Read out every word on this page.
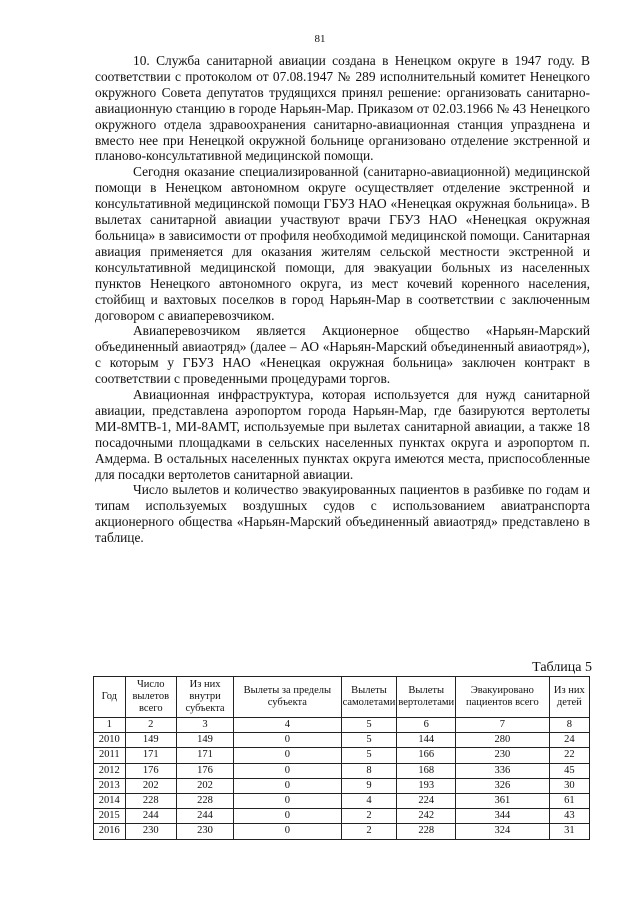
81

10. Служба санитарной авиации создана в Ненецком округе в 1947 году. В соответствии с протоколом от 07.08.1947 № 289 исполнительный комитет Ненецкого окружного Совета депутатов трудящихся принял решение: организовать санитарно-авиационную станцию в городе Нарьян-Мар. Приказом от 02.03.1966 № 43 Ненецкого окружного отдела здравоохранения санитарно-авиационная станция упразднена и вместо нее при Ненецкой окружной больнице организовано отделение экстренной и планово-консультативной медицинской помощи.

Сегодня оказание специализированной (санитарно-авиационной) медицинской помощи в Ненецком автономном округе осуществляет отделение экстренной и консультативной медицинской помощи ГБУЗ НАО «Ненецкая окружная больница». В вылетах санитарной авиации участвуют врачи ГБУЗ НАО «Ненецкая окружная больница» в зависимости от профиля необходимой медицинской помощи. Санитарная авиация применяется для оказания жителям сельской местности экстренной и консультативной медицинской помощи, для эвакуации больных из населенных пунктов Ненецкого автономного округа, из мест кочевий коренного населения, стойбищ и вахтовых поселков в город Нарьян-Мар в соответствии с заключенным договором с авиаперевозчиком.

Авиаперевозчиком является Акционерное общество «Нарьян-Марский объединенный авиаотряд» (далее – АО «Нарьян-Марский объединенный авиаотряд»), с которым у ГБУЗ НАО «Ненецкая окружная больница» заключен контракт в соответствии с проведенными процедурами торгов.

Авиационная инфраструктура, которая используется для нужд санитарной авиации, представлена аэропортом города Нарьян-Мар, где базируются вертолеты МИ-8МТВ-1, МИ-8АМТ, используемые при вылетах санитарной авиации, а также 18 посадочными площадками в сельских населенных пунктах округа и аэропортом п. Амдерма. В остальных населенных пунктах округа имеются места, приспособленные для посадки вертолетов санитарной авиации.

Число вылетов и количество эвакуированных пациентов в разбивке по годам и типам используемых воздушных судов с использованием авиатранспорта акционерного общества «Нарьян-Марский объединенный авиаотряд» представлено в таблице.

Таблица 5
Год	Число вылетов всего	Из них внутри субъекта	Вылеты за пределы субъекта	Вылеты самолетами	Вылеты вертолетами	Эвакуировано пациентов всего	Из них детей
1	2	3	4	5	6	7	8
2010	149	149	0	5	144	280	24
2011	171	171	0	5	166	230	22
2012	176	176	0	8	168	336	45
2013	202	202	0	9	193	326	30
2014	228	228	0	4	224	361	61
2015	244	244	0	2	242	344	43
2016	230	230	0	2	228	324	31
